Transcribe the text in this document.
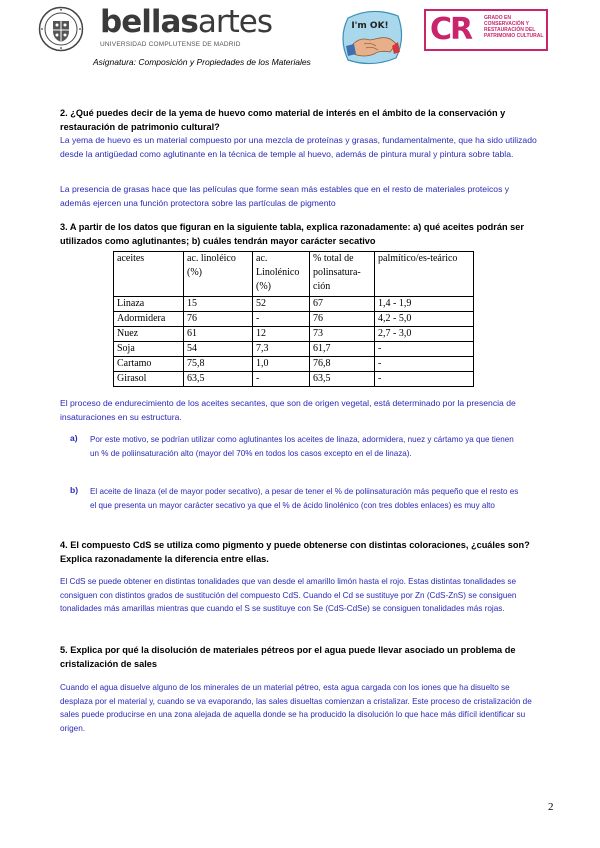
bellasartes
UNIVERSIDAD COMPLUTENSE DE MADRID
Asignatura: Composición y Propiedades de los Materiales
I'm OK! CR	GRADO EN CONSERVACIÓN Y RESTAURACIÓN DEL PATRIMONIO CULTURAL
2. ¿Qué puedes decir de la yema de huevo como material de interés en el ámbito de la conservación y restauración de patrimonio cultural?
La yema de huevo es un material compuesto por una mezcla de proteínas y grasas, fundamentalmente, que ha sido utilizado desde la antigüedad como aglutinante en la técnica de temple al huevo, además de pintura mural y pintura sobre tabla.
La presencia de grasas hace que las películas que forme sean más estables que en el resto de materiales proteicos y además ejercen una función protectora sobre las partículas de pigmento
3. A partir de los datos que figuran en la siguiente tabla, explica razonadamente: a) qué aceites podrán ser utilizados como aglutinantes; b) cuáles tendrán mayor carácter secativo
aceites	ac. linoléico (%)	ac. Linolénico (%)	% total de polinsatura-ción	palmítico/es-teárico
Linaza	15	52	67	1,4 - 1,9
Adormidera	76	-	76	4,2 - 5,0
Nuez	61	12	73	2,7 - 3,0
Soja	54	7,3	61,7	-
Cartamo	75,8	1,0	76,8	-
Girasol	63,5	-	63,5	-
El proceso de endurecimiento de los aceites secantes, que son de origen vegetal, está determinado por la presencia de insaturaciones en su estructura.
a) Por este motivo, se podrían utilizar como aglutinantes los aceites de linaza, adormidera, nuez y cártamo ya que tienen un % de poliinsaturación alto (mayor del 70% en todos los casos excepto en el de linaza).
b) El aceite de linaza (el de mayor poder secativo), a pesar de tener el % de poliinsaturación más pequeño que el resto es el que presenta un mayor carácter secativo ya que el % de ácido linolénico (con tres dobles enlaces) es muy alto
4. El compuesto CdS se utiliza como pigmento y puede obtenerse con distintas coloraciones, ¿cuáles son? Explica razonadamente la diferencia entre ellas.
El CdS se puede obtener en distintas tonalidades que van desde el amarillo limón hasta el rojo. Estas distintas tonalidades se consiguen con distintos grados de sustitución del compuesto CdS. Cuando el Cd se sustituye por Zn (CdS-ZnS) se consiguen tonalidades más amarillas mientras que cuando el S se sustituye con Se (CdS-CdSe) se consiguen tonalidades más rojas.
5. Explica por qué la disolución de materiales pétreos por el agua puede llevar asociado un problema de cristalización de sales
Cuando el agua disuelve alguno de los minerales de un material pétreo, esta agua cargada con los iones que ha disuelto se desplaza por el material y, cuando se va evaporando, las sales disueltas comienzan a cristalizar. Este proceso de cristalización de sales puede producirse en una zona alejada de aquella donde se ha producido la disolución lo que hace más difícil identificar su origen.
2
